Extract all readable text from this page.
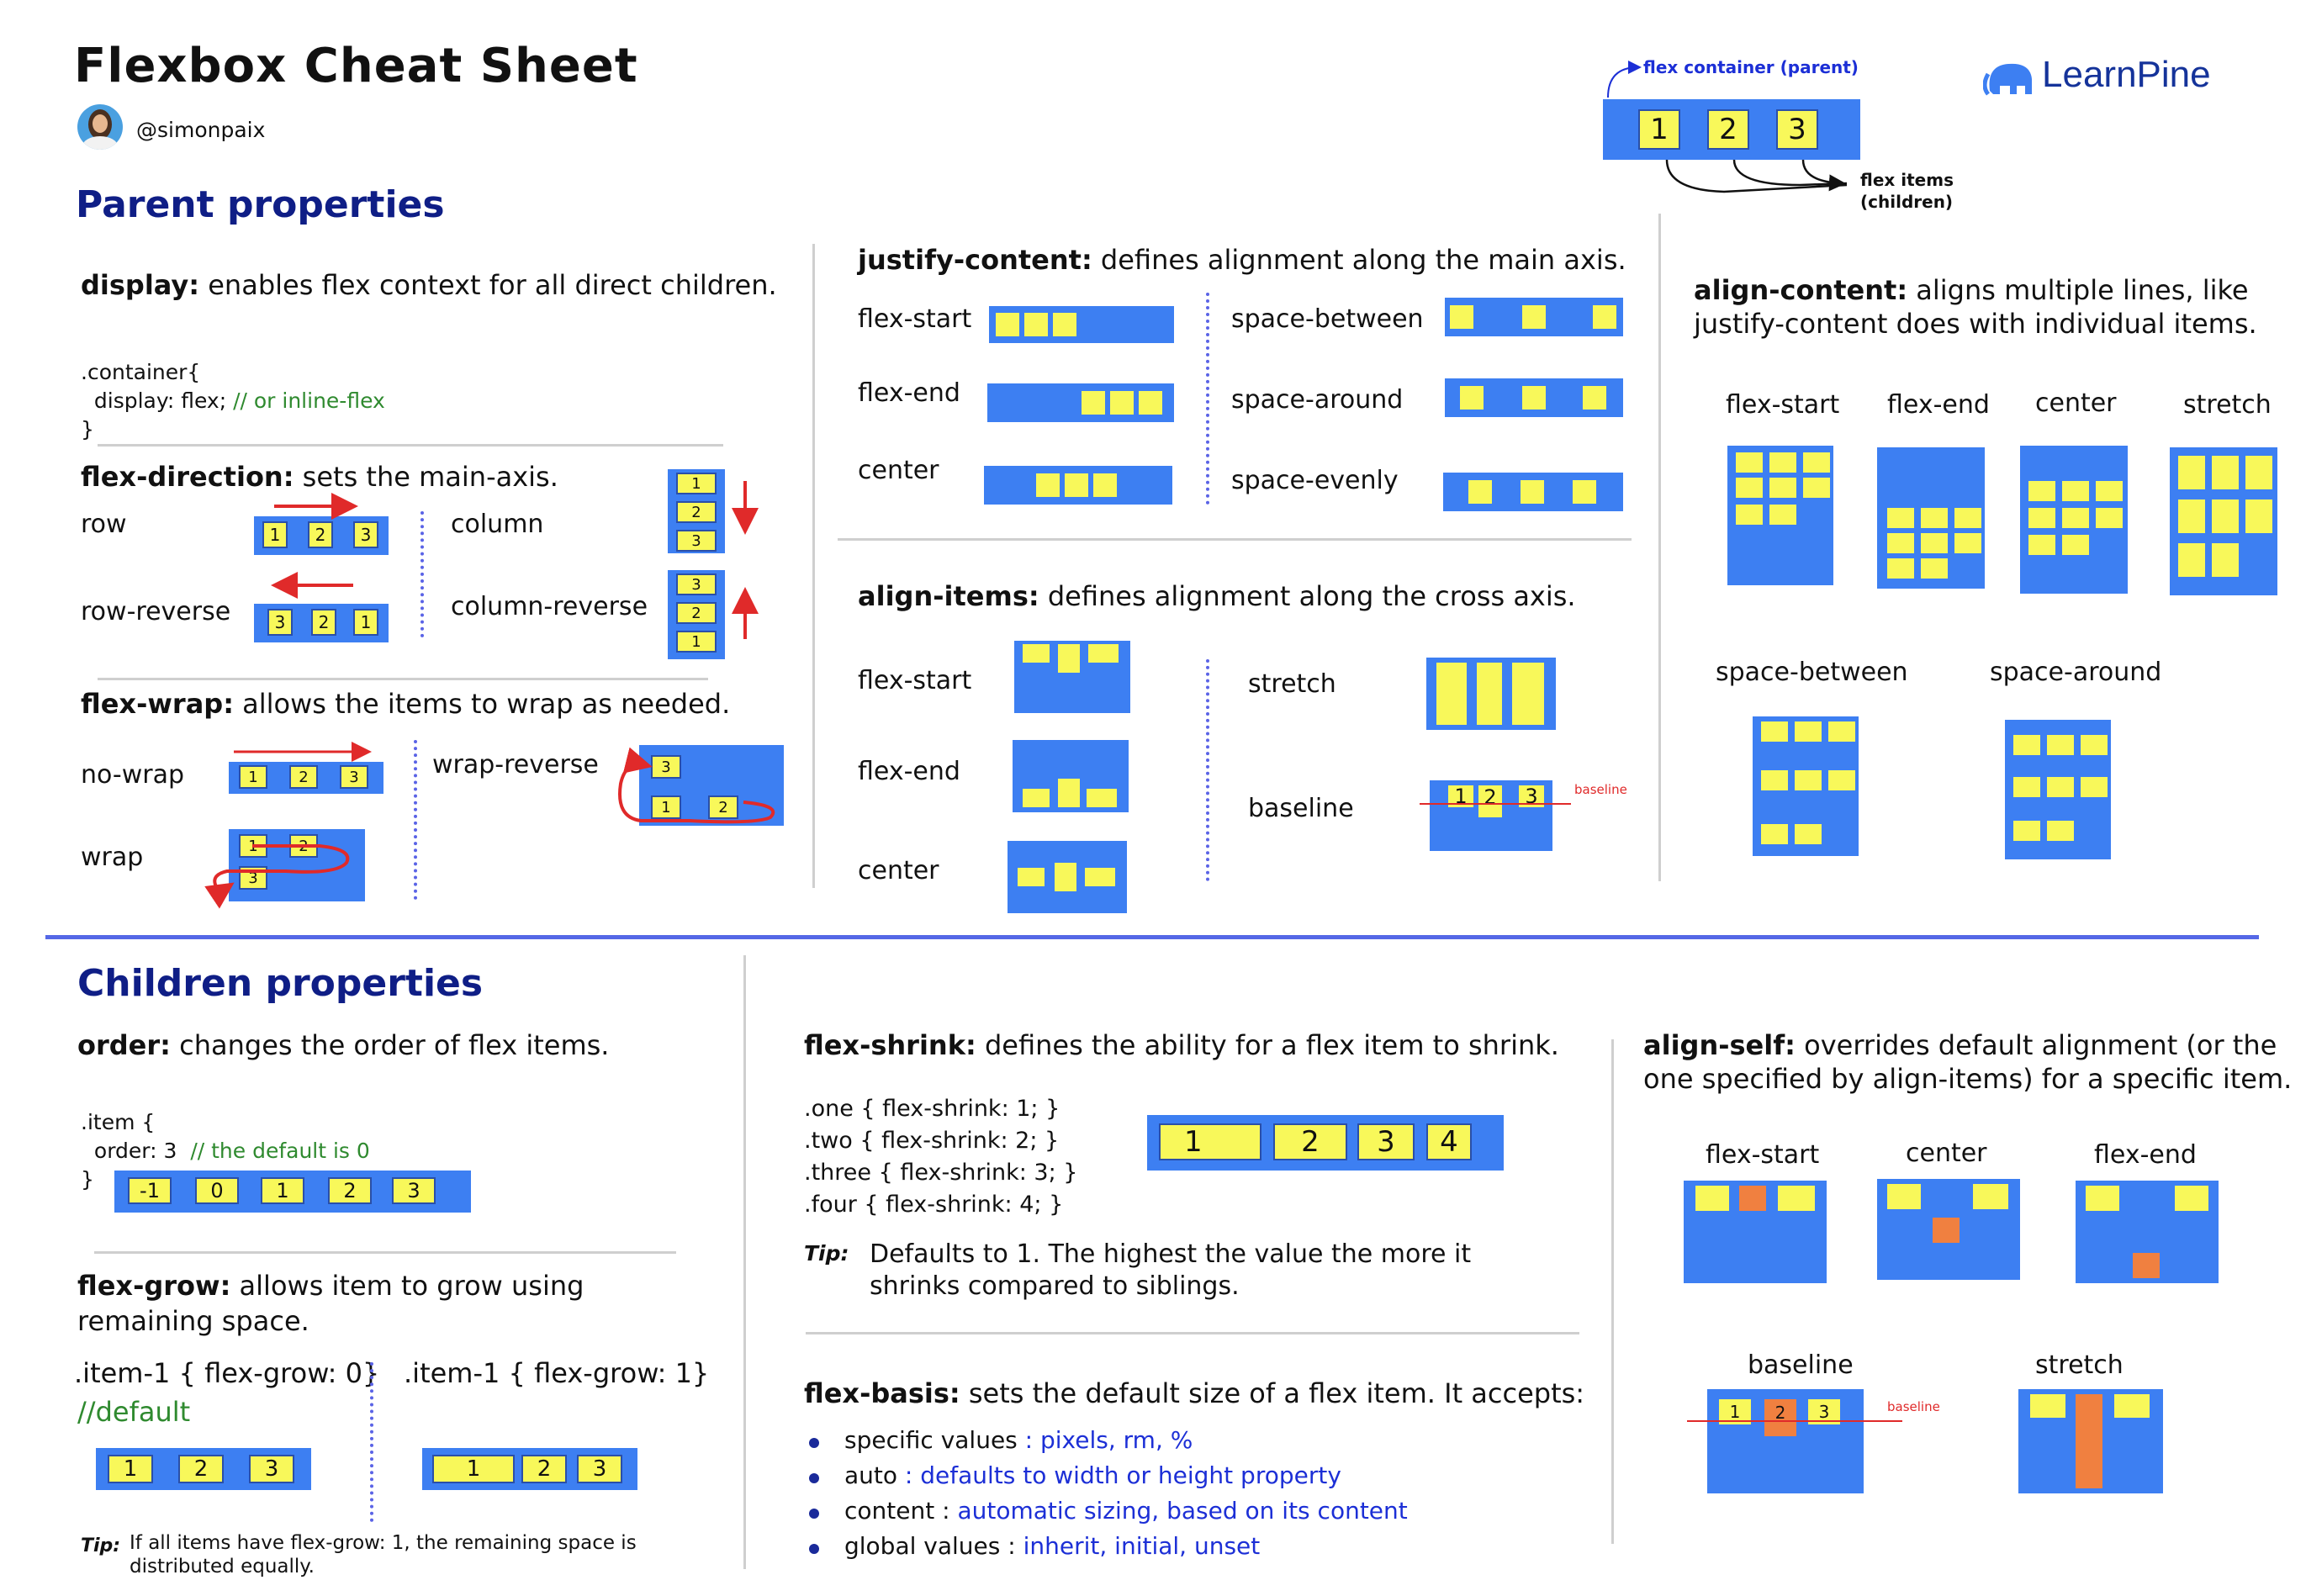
Flexbox Cheat Sheet
@simonpaix
flex container (parent)
1	2	3
flex items
(children)
LearnPine
Parent properties
display: enables flex context for all direct children.

.container{
display: flex; // or inline-flex
}
flex-direction: sets the main-axis.
row
row-reverse
1	2	3
3	2	1
column
column-reverse
1
2
3
3
2
1
flex-wrap: allows the items to wrap as needed.
no-wrap
wrap
1	2	3
1	2
3
wrap-reverse	3
1	2
justify-content: defines alignment along the main axis.
flex-start
flex-end
center
space-between
space-around
space-evenly
align-items: defines alignment along the cross axis.
flex-start
flex-end
center
stretch
baseline	1 2	3	baseline
align-content: aligns multiple lines, like
justify-content does with individual items.
flex-start flex-end center	stretch
space-between	space-around
Children properties
order: changes the order of flex items.

.item {
order: 3 // the default is 0
}	-1	0	1	2	3
flex-grow: allows item to grow using
remaining space.
.item-1 { flex-grow: 0}
//default
.item-1 { flex-grow: 1}
1	2	3	1	2	3
Tip: If all items have flex-grow: 1, the remaining space is
distributed equally.
flex-shrink: defines the ability for a flex item to shrink.
.one { flex-shrink: 1; }
.two { flex-shrink: 2; }
.three { flex-shrink: 3; }
.four { flex-shrink: 4; }
1	2	3	4
Tip: Defaults to 1. The highest the value the more it
shrinks compared to siblings.
flex-basis: sets the default size of a flex item. It accepts:
specific values : pixels, rm, %
auto : defaults to width or height property
content : automatic sizing, based on its content
global values : inherit, initial, unset
align-self: overrides default alignment (or the
one specified by align-items) for a specific item.
flex-start	center	flex-end
baseline	stretch
1	2	3	baseline
